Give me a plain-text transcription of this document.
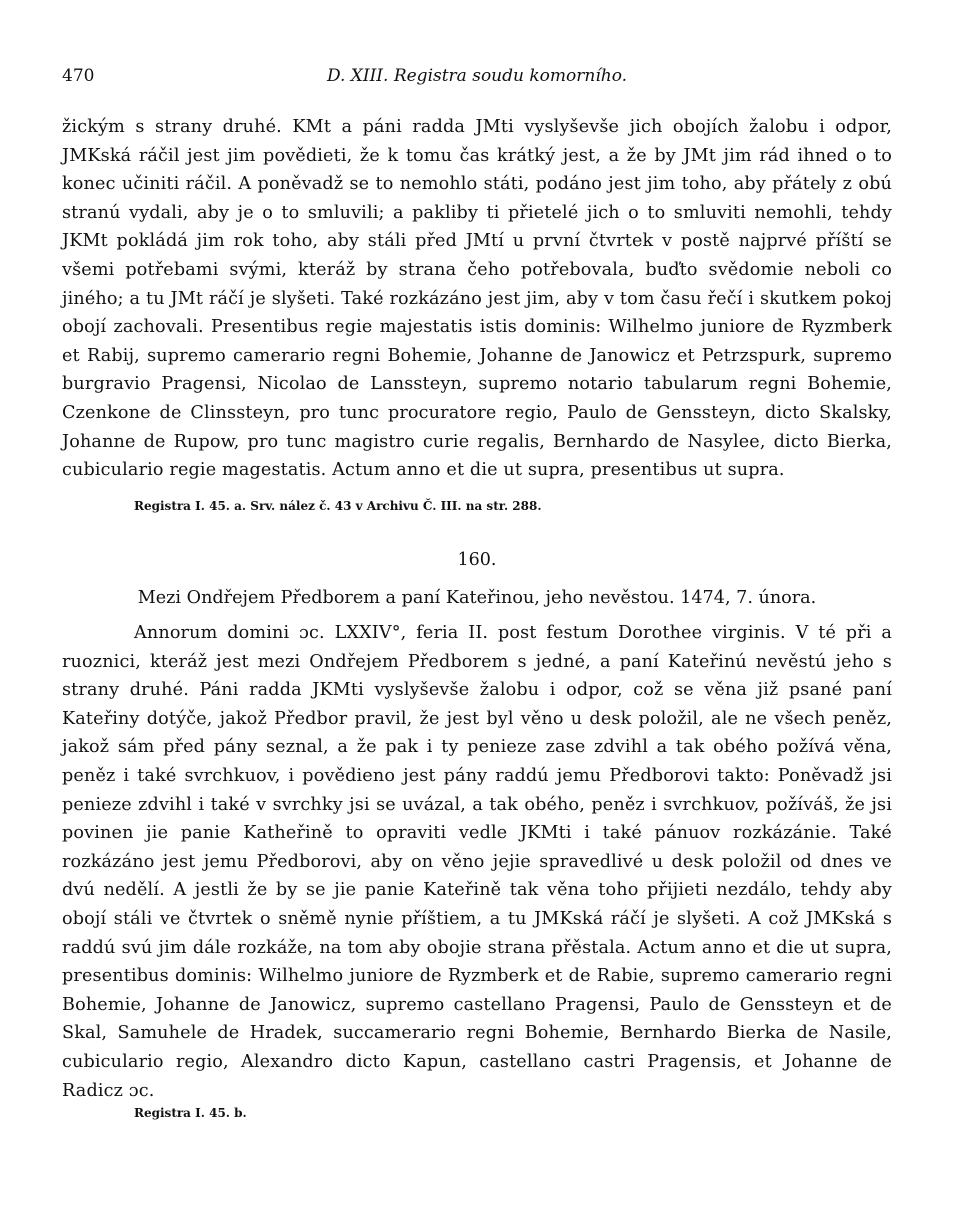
470	D. XIII. Registra soudu komorního.

žickým s strany druhé. KMt a páni radda JMti vyslyševše jich obojích žalobu i odpor, JMKská ráčil jest jim povědieti, že k tomu čas krátký jest, a že by JMt jim rád ihned o to konec učiniti ráčil. A poněvadž se to nemohlo státi, podáno jest jim toho, aby přátely z obú stranú vydali, aby je o to smluvili; a pakliby ti přietelé jich o to smluviti nemohli, tehdy JKMt pokládá jim rok toho, aby stáli před JMtí u první čtvrtek v postě najprvé příští se všemi potřebami svými, kteráž by strana čeho potřebovala, buďto svědomie neboli co jiného; a tu JMt ráčí je slyšeti. Také rozkázáno jest jim, aby v tom času řečí i skutkem pokoj obojí zachovali. Presentibus regie majestatis istis dominis: Wilhelmo juniore de Ryzmberk et Rabij, supremo camerario regni Bohemie, Johanne de Janowicz et Petrzspurk, supremo burgravio Pragensi, Nicolao de Lanssteyn, supremo notario tabularum regni Bohemie, Czenkone de Clinssteyn, pro tunc procuratore regio, Paulo de Genssteyn, dicto Skalsky, Johanne de Rupow, pro tunc magistro curie regalis, Bernhardo de Nasylee, dicto Bierka, cubiculario regie magestatis. Actum anno et die ut supra, presentibus ut supra.

Registra I. 45. a. Srv. nález č. 43 v Archivu Č. III. na str. 288.
160.
Mezi Ondřejem Předborem a paní Kateřinou, jeho nevěstou. 1474, 7. února.

Annorum domini ɔc. LXXIV°, feria II. post festum Dorothee virginis. V té při a ruoznici, kteráž jest mezi Ondřejem Předborem s jedné, a paní Kateřinú nevěstú jeho s strany druhé. Páni radda JKMti vyslyševše žalobu i odpor, což se věna již psané paní Kateřiny dotýče, jakož Předbor pravil, že jest byl věno u desk položil, ale ne všech peněz, jakož sám před pány seznal, a že pak i ty penieze zase zdvihl a tak obého požívá věna, peněz i také svrchkuov, i povědieno jest pány raddú jemu Předborovi takto: Poněvadž jsi penieze zdvihl i také v svrchky jsi se uvázal, a tak obého, peněz i svrchkuov, požíváš, že jsi povinen jie panie Katheřině to opraviti vedle JKMti i také pánuov rozkázánie. Také rozkázáno jest jemu Předborovi, aby on věno jejie spravedlivé u desk položil od dnes ve dvú nedělí. A jestli že by se jie panie Kateřině tak věna toho přijieti nezdálo, tehdy aby obojí stáli ve čtvrtek o sněmě nynie příštiem, a tu JMKská ráčí je slyšeti. A což JMKská s raddú svú jim dále rozkáže, na tom aby obojie strana přěstala. Actum anno et die ut supra, presentibus dominis: Wilhelmo juniore de Ryzmberk et de Rabie, supremo camerario regni Bohemie, Johanne de Janowicz, supremo castellano Pragensi, Paulo de Genssteyn et de Skal, Samuhele de Hradek, succamerario regni Bohemie, Bernhardo Bierka de Nasile, cubiculario regio, Alexandro dicto Kapun, castellano castri Pragensis, et Johanne de Radicz ɔc.

Registra I. 45. b.
